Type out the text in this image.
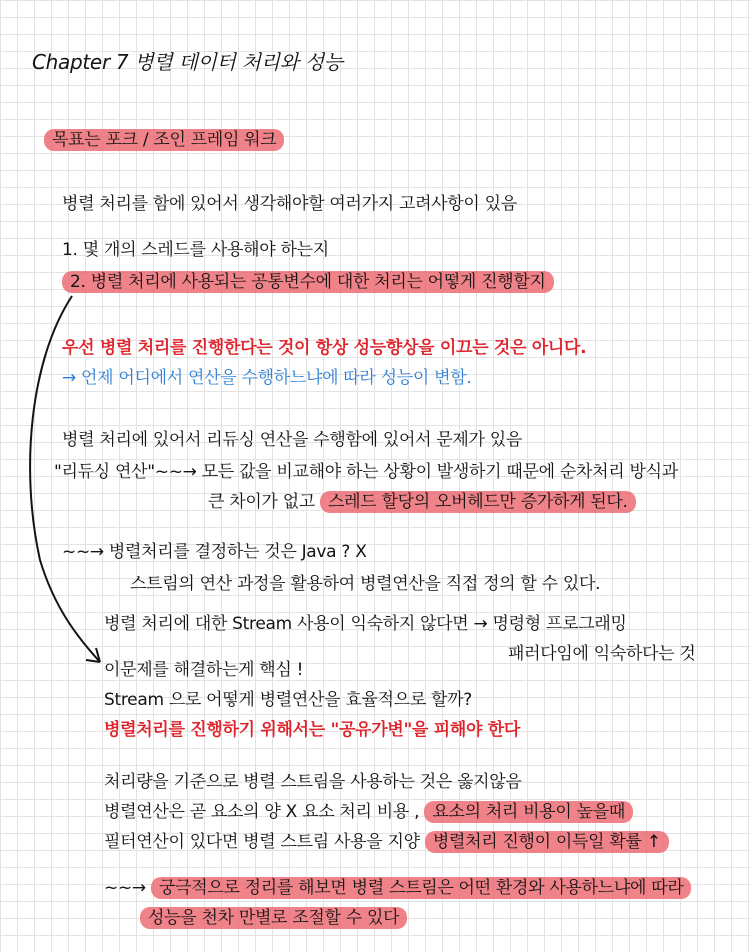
Chapter 7 병렬 데이터 처리와 성능
목표는 포크 / 조인 프레임 워크
병렬 처리를 함에 있어서 생각해야할 여러가지 고려사항이 있음
1. 몇 개의 스레드를 사용해야 하는지
2. 병렬 처리에 사용되는 공통변수에 대한 처리는 어떻게 진행할지
우선 병렬 처리를 진행한다는 것이 항상 성능향상을 이끄는 것은 아니다.
→ 언제 어디에서 연산을 수행하느냐에 따라 성능이 변함.
병렬 처리에 있어서 리듀싱 연산을 수행함에 있어서 문제가 있음
"리듀싱 연산"~~→ 모든 값을 비교해야 하는 상황이 발생하기 때문에 순차처리 방식과
큰 차이가 없고 스레드 할당의 오버헤드만 증가하게 된다.
~~→ 병렬처리를 결정하는 것은 Java ? X
스트림의 연산 과정을 활용하여 병렬연산을 직접 정의 할 수 있다.
병렬 처리에 대한 Stream 사용이 익숙하지 않다면 → 명령형 프로그래밍
패러다임에 익숙하다는 것
이문제를 해결하는게 핵심 !
Stream 으로 어떻게 병렬연산을 효율적으로 할까?
병렬처리를 진행하기 위해서는 "공유가변"을 피해야 한다
처리량을 기준으로 병렬 스트림을 사용하는 것은 옳지않음
병렬연산은 곧 요소의 양 X 요소 처리 비용 , 요소의 처리 비용이 높을때
필터연산이 있다면 병렬 스트림 사용을 지양 병렬처리 진행이 이득일 확률 ↑
~~→ 궁극적으로 정리를 해보면 병렬 스트림은 어떤 환경와 사용하느냐에 따라
성능을 천차 만별로 조절할 수 있다
